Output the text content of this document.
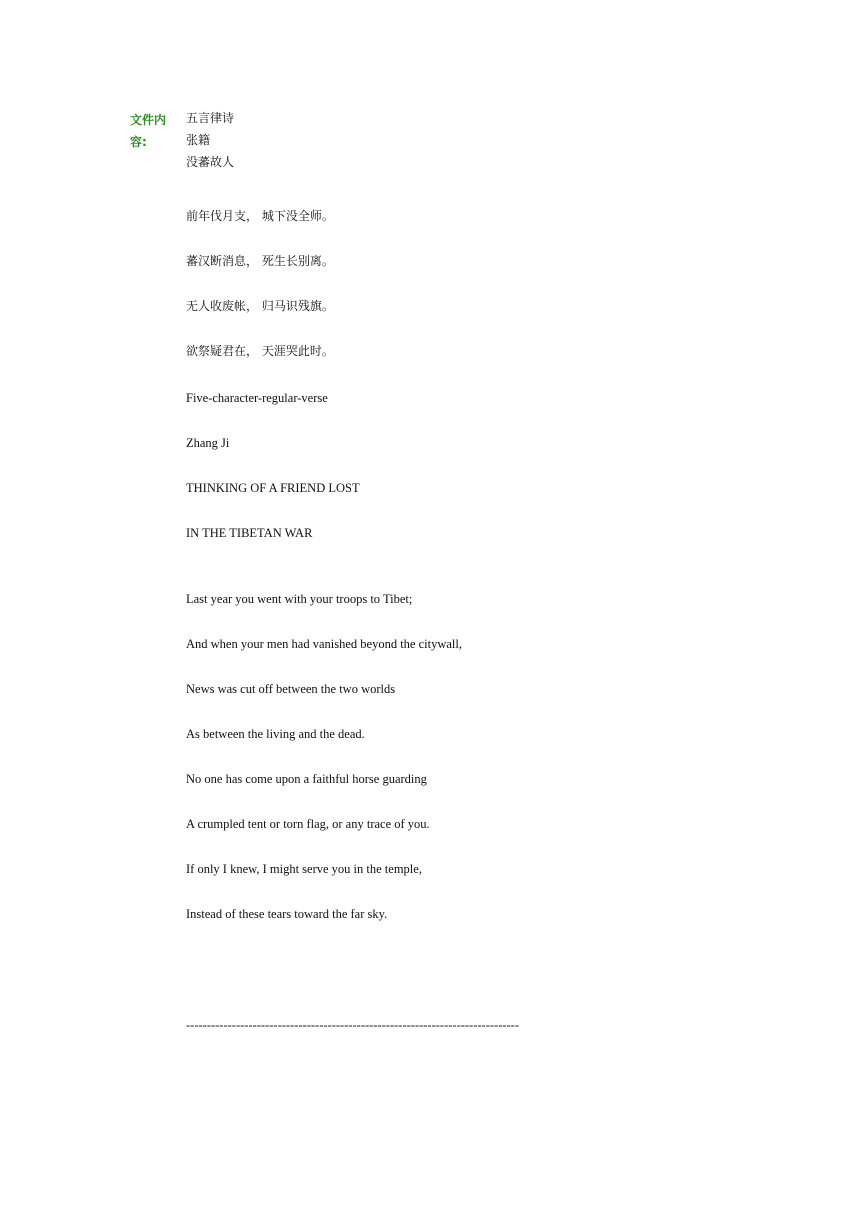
文件内容:
五言律诗
张籍
没蕃故人
前年伐月支， 城下没全师。
蕃汉断消息， 死生长别离。
无人收废帐， 归马识残旗。
欲祭疑君在， 天涯哭此时。
Five-character-regular-verse
Zhang Ji
THINKING OF A FRIEND LOST
IN THE TIBETAN WAR
Last year you went with your troops to Tibet;
And when your men had vanished beyond the citywall,
News was cut off between the two worlds
As between the living and the dead.
No one has come upon a faithful horse guarding
A crumpled tent or torn flag, or any trace of you.
If only I knew, I might serve you in the temple,
Instead of these tears toward the far sky.
--------------------------------------------------------------------------------
